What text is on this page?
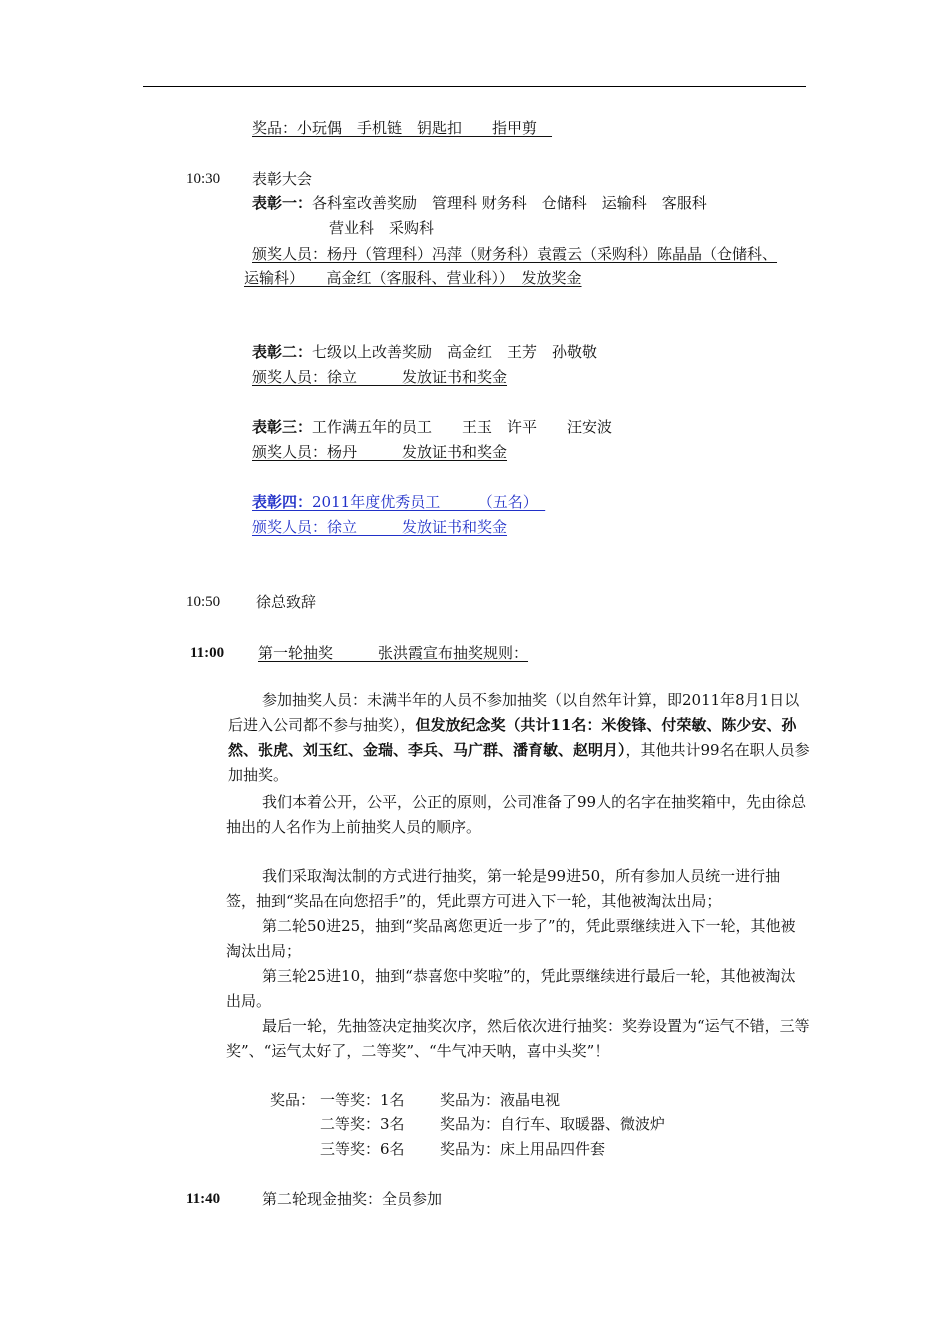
奖品：小玩偶　手机链　钥匙扣　　指甲剪　
10:30 表彰大会
表彰一：各科室改善奖励　管理科 财务科　仓储科　运输科　客服科
营业科　采购科
颁奖人员：杨丹（管理科）冯萍（财务科）袁霞云（采购科）陈晶晶（仓储科、
运输科）　　高金红（客服科、营业科））　发放奖金
表彰二：七级以上改善奖励　高金红　王芳　孙敬敬
颁奖人员：徐立　　　发放证书和奖金
表彰三：工作满五年的员工　　王玉　许平　　汪安波
颁奖人员：杨丹　　　发放证书和奖金
表彰四：2011年度优秀员工　　　（五名）　
颁奖人员：徐立　　　发放证书和奖金
10:50 徐总致辞
11:00 第一轮抽奖　　　张洪霞宣布抽奖规则：
参加抽奖人员：未满半年的人员不参加抽奖（以自然年计算，即2011年8月1日以后进入公司都不参与抽奖），但发放纪念奖（共计11名：米俊锋、付荣敏、陈少安、孙然、张虎、刘玉红、金瑞、李兵、马广群、潘育敏、赵明月），其他共计99名在职人员参加抽奖。
我们本着公开，公平，公正的原则，公司准备了99人的名字在抽奖箱中，先由徐总抽出的人名作为上前抽奖人员的顺序。
我们采取淘汰制的方式进行抽奖，第一轮是99进50，所有参加人员统一进行抽签，抽到“奖品在向您招手”的，凭此票方可进入下一轮，其他被淘汰出局；
第二轮50进25，抽到“奖品离您更近一步了”的，凭此票继续进入下一轮，其他被淘汰出局；
第三轮25进10，抽到“恭喜您中奖啦”的，凭此票继续进行最后一轮，其他被淘汰出局。
最后一轮，先抽签决定抽奖次序，然后依次进行抽奖：奖券设置为“运气不错，三等奖”、“运气太好了，二等奖”、“牛气冲天呐，喜中头奖”！
奖品： 一等奖：1名 奖品为：液晶电视
二等奖：3名 奖品为：自行车、取暖器、微波炉
三等奖：6名 奖品为：床上用品四件套
11:40	第二轮现金抽奖：全员参加
